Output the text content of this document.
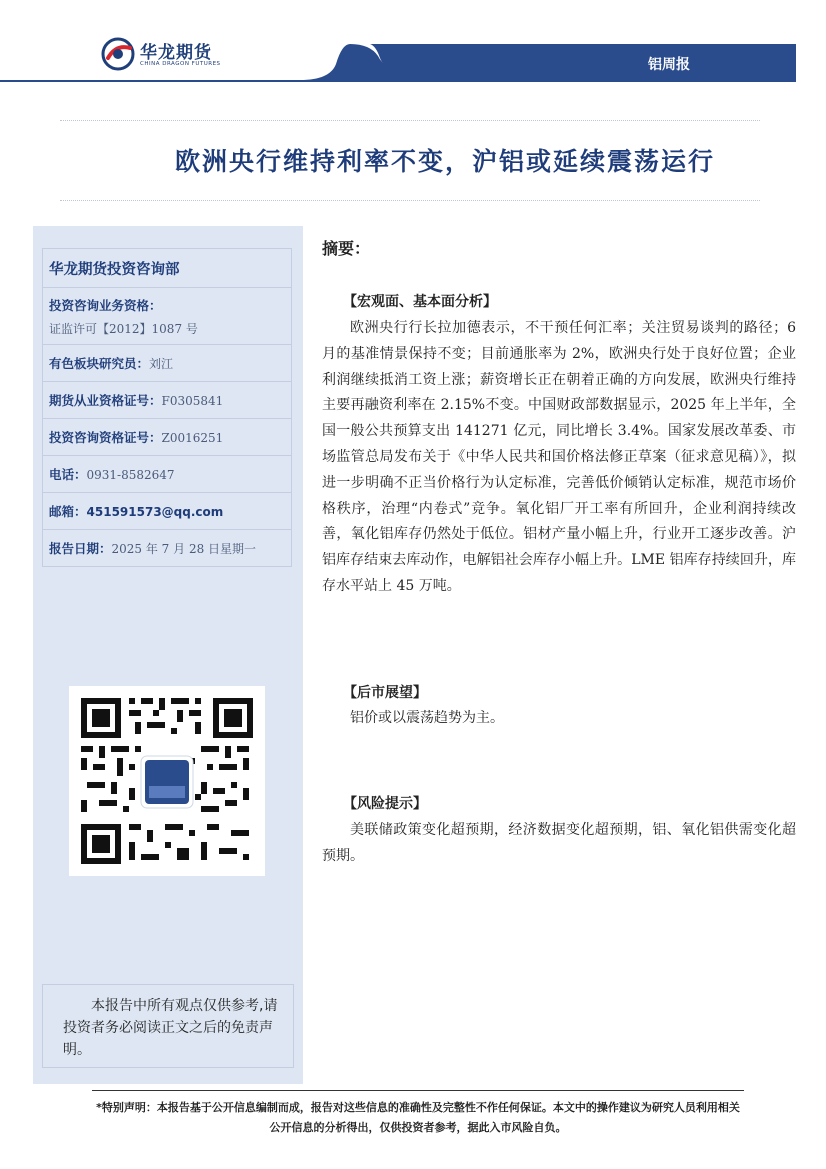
华龙期货
CHINA DRAGON FUTURES	铝周报
欧洲央行维持利率不变，沪铝或延续震荡运行
华龙期货投资咨询部

投资咨询业务资格：
证监许可【2012】1087 号
有色板块研究员：刘江
期货从业资格证号：F0305841
投资咨询资格证号：Z0016251
电话：0931-8582647
邮箱：451591573@qq.com
报告日期：2025 年 7 月 28 日星期一
本报告中所有观点仅供参考,请投资者务必阅读正文之后的免责声明。
摘要：
【宏观面、基本面分析】

欧洲央行行长拉加德表示，不干预任何汇率；关注贸易谈判的路径；6 月的基准情景保持不变；目前通胀率为 2%，欧洲央行处于良好位置；企业利润继续抵消工资上涨；薪资增长正在朝着正确的方向发展，欧洲央行维持主要再融资利率在 2.15%不变。中国财政部数据显示，2025 年上半年，全国一般公共预算支出 141271 亿元，同比增长 3.4%。国家发展改革委、市场监管总局发布关于《中华人民共和国价格法修正草案（征求意见稿）》，拟进一步明确不正当价格行为认定标准，完善低价倾销认定标准，规范市场价格秩序，治理“内卷式”竞争。氧化铝厂开工率有所回升，企业利润持续改善，氧化铝库存仍然处于低位。铝材产量小幅上升，行业开工逐步改善。沪铝库存结束去库动作，电解铝社会库存小幅上升。LME 铝库存持续回升，库存水平站上 45 万吨。

【后市展望】

铝价或以震荡趋势为主。

【风险提示】

美联储政策变化超预期，经济数据变化超预期，铝、氧化铝供需变化超预期。

*特别声明：本报告基于公开信息编制而成，报告对这些信息的准确性及完整性不作任何保证。本文中的操作建议为研究人员利用相关公开信息的分析得出，仅供投资者参考，据此入市风险自负。
